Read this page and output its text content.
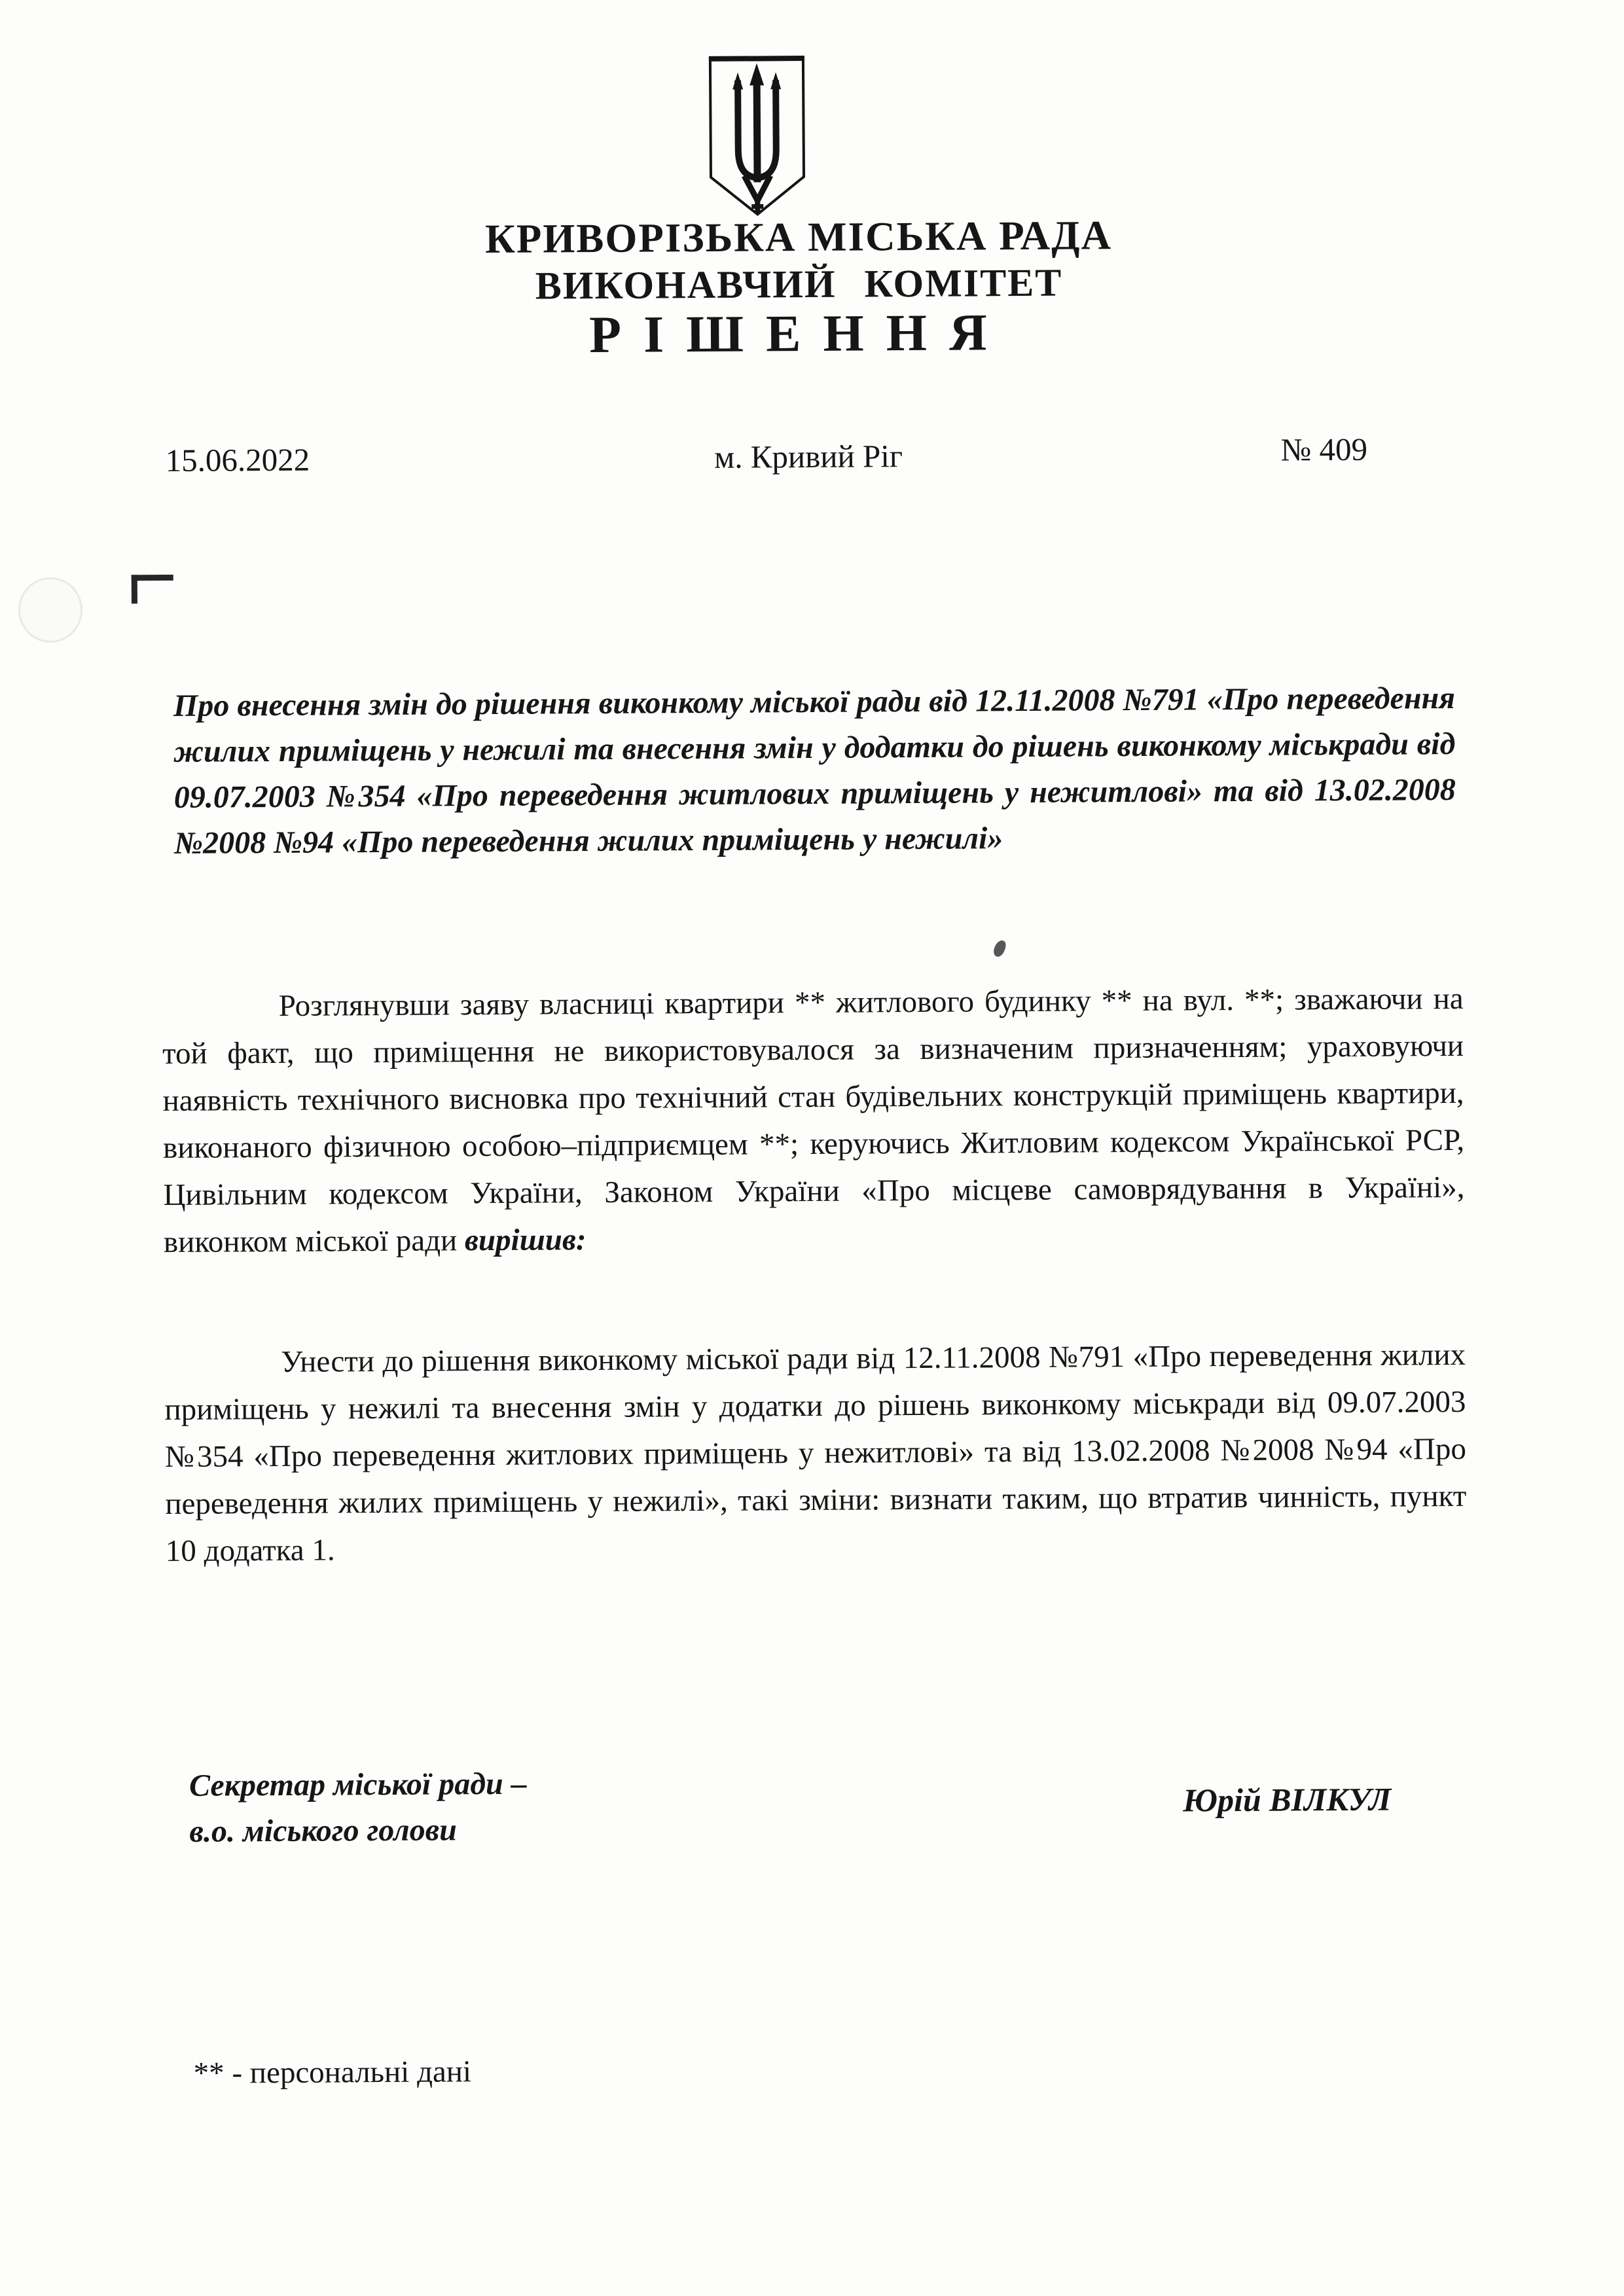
КРИВОРІЗЬКА МІСЬКА РАДА
ВИКОНАВЧИЙ КОМІТЕТ
РІШЕННЯ
15.06.2022	м. Кривий Ріг	№ 409
Про внесення змін до рішення виконкому міської ради від 12.11.2008 №791 «Про переведення жилих приміщень у нежилі та внесення змін у додатки до рішень виконкому міськради від 09.07.2003 №354 «Про переведення житлових приміщень у нежитлові» та від 13.02.2008 №2008 №94 «Про переведення жилих приміщень у нежилі»
Розглянувши заяву власниці квартири ** житлового будинку ** на вул. **; зважаючи на той факт, що приміщення не використовувалося за визначеним призначенням; ураховуючи наявність технічного висновка про технічний стан будівельних конструкцій приміщень квартири, виконаного фізичною особою–підприємцем **; керуючись Житловим кодексом Української РСР, Цивільним кодексом України, Законом України «Про місцеве самоврядування в Україні», виконком міської ради вирішив:
Унести до рішення виконкому міської ради від 12.11.2008 №791 «Про переведення жилих приміщень у нежилі та внесення змін у додатки до рішень виконкому міськради від 09.07.2003 №354 «Про переведення житлових приміщень у нежитлові» та від 13.02.2008 №2008 №94 «Про переведення жилих приміщень у нежилі», такі зміни: визнати таким, що втратив чинність, пункт 10 додатка 1.
Секретар міської ради –
в.о. міського голови
Юрій ВІЛКУЛ
** - персональні дані
